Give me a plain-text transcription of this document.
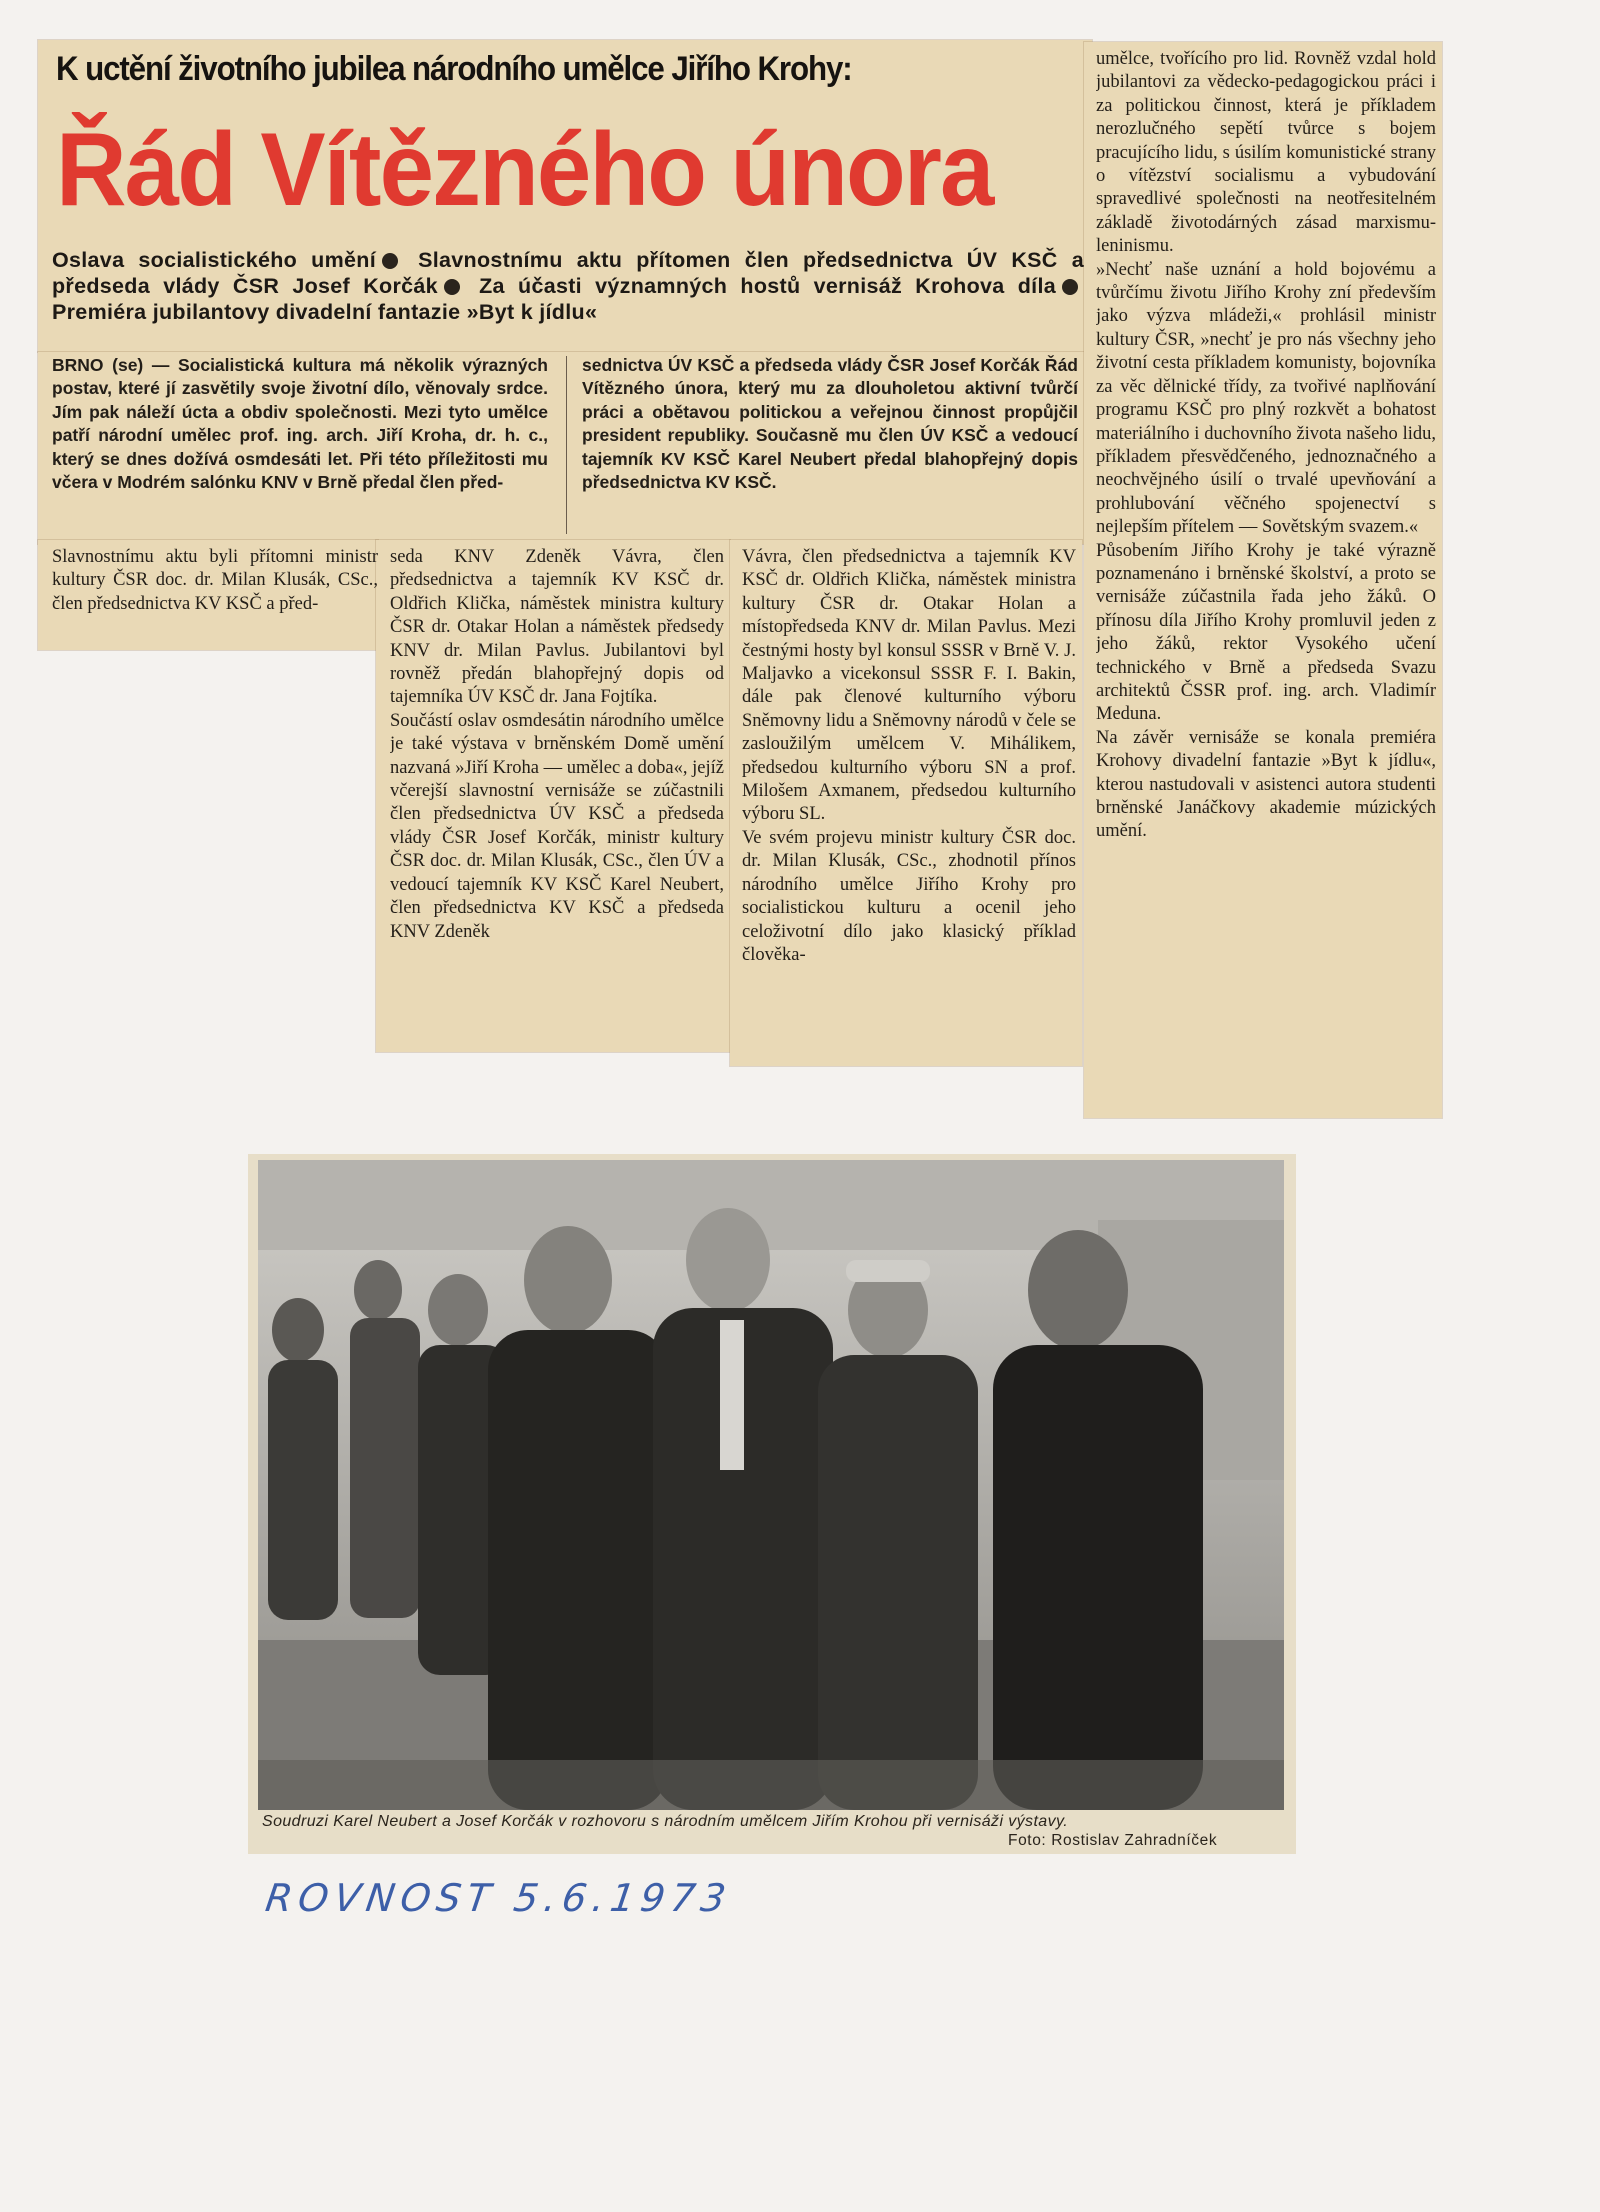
K uctění životního jubilea národního umělce Jiřího Krohy:
Řád Vítězného února
Oslava socialistického umění Slavnostnímu aktu přítomen člen předsednictva ÚV KSČ a předseda vlády ČSR Josef Korčák Za účasti významných hostů vernisáž Krohova díla Premiéra jubilantovy divadelní fantazie »Byt k jídlu«
BRNO (se) — Socialistická kultura má několik výrazných postav, které jí zasvětily svoje životní dílo, věnovaly srdce. Jím pak náleží úcta a obdiv společnosti. Mezi tyto umělce patří národní umělec prof. ing. arch. Jiří Kroha, dr. h. c., který se dnes dožívá osmdesáti let. Při této příležitosti mu včera v Modrém salónku KNV v Brně předal člen před-
sednictva ÚV KSČ a předseda vlády ČSR Josef Korčák Řád Vítězného února, který mu za dlouholetou aktivní tvůrčí práci a obětavou politickou a veřejnou činnost propůjčil president republiky. Současně mu člen ÚV KSČ a vedoucí tajemník KV KSČ Karel Neubert předal blahopřejný dopis předsednictva KV KSČ.
Slavnostnímu aktu byli přítomni ministr kultury ČSR doc. dr. Milan Klusák, CSc., člen předsednictva KV KSČ a před-
seda KNV Zdeněk Vávra, člen předsednictva a tajemník KV KSČ dr. Oldřich Klička, náměstek ministra kultury ČSR dr. Otakar Holan a náměstek předsedy KNV dr. Milan Pavlus. Jubilantovi byl rovněž předán blahopřejný dopis od tajemníka ÚV KSČ dr. Jana Fojtíka.
Součástí oslav osmdesátin národního umělce je také výstava v brněnském Domě umění nazvaná »Jiří Kroha — umělec a doba«, jejíž včerejší slavnostní vernisáže se zúčastnili člen předsednictva ÚV KSČ a předseda vlády ČSR Josef Korčák, ministr kultury ČSR doc. dr. Milan Klusák, CSc., člen ÚV a vedoucí tajemník KV KSČ Karel Neubert, člen předsednictva KV KSČ a předseda KNV Zdeněk
Vávra, člen předsednictva a tajemník KV KSČ dr. Oldřich Klička, náměstek ministra kultury ČSR dr. Otakar Holan a místopředseda KNV dr. Milan Pavlus. Mezi čestnými hosty byl konsul SSSR v Brně V. J. Maljavko a vicekonsul SSSR F. I. Bakin, dále pak členové kulturního výboru Sněmovny lidu a Sněmovny národů v čele se zasloužilým umělcem V. Mihálikem, předsedou kulturního výboru SN a prof. Milošem Axmanem, předsedou kulturního výboru SL.
Ve svém projevu ministr kultury ČSR doc. dr. Milan Klusák, CSc., zhodnotil přínos národního umělce Jiřího Krohy pro socialistickou kulturu a ocenil jeho celoživotní dílo jako klasický příklad člověka-
umělce, tvořícího pro lid. Rovněž vzdal hold jubilantovi za vědecko-pedagogickou práci i za politickou činnost, která je příkladem nerozlučného sepětí tvůrce s bojem pracujícího lidu, s úsilím komunistické strany o vítězství socialismu a vybudování spravedlivé společnosti na neotřesitelném základě životodárných zásad marxismu-leninismu.
»Nechť naše uznání a hold bojovému a tvůrčímu životu Jiřího Krohy zní především jako výzva mládeži,« prohlásil ministr kultury ČSR, »nechť je pro nás všechny jeho životní cesta příkladem komunisty, bojovníka za věc dělnické třídy, za tvořivé naplňování programu KSČ pro plný rozkvět a bohatost materiálního i duchovního života našeho lidu, příkladem přesvědčeného, jednoznačného a neochvějného úsilí o trvalé upevňování a prohlubování věčného spojenectví s nejlepším přítelem — Sovětským svazem.«
Působením Jiřího Krohy je také výrazně poznamenáno i brněnské školství, a proto se vernisáže zúčastnila řada jeho žáků. O přínosu díla Jiřího Krohy promluvil jeden z jeho žáků, rektor Vysokého učení technického v Brně a předseda Svazu architektů ČSSR prof. ing. arch. Vladimír Meduna.
Na závěr vernisáže se konala premiéra Krohovy divadelní fantazie »Byt k jídlu«, kterou nastudovali v asistenci autora studenti brněnské Janáčkovy akademie múzických umění.
Soudruzi Karel Neubert a Josef Korčák v rozhovoru s národním umělcem Jiřím Krohou při vernisáži výstavy.
Foto: Rostislav Zahradníček
ROVNOST 5.6.1973
